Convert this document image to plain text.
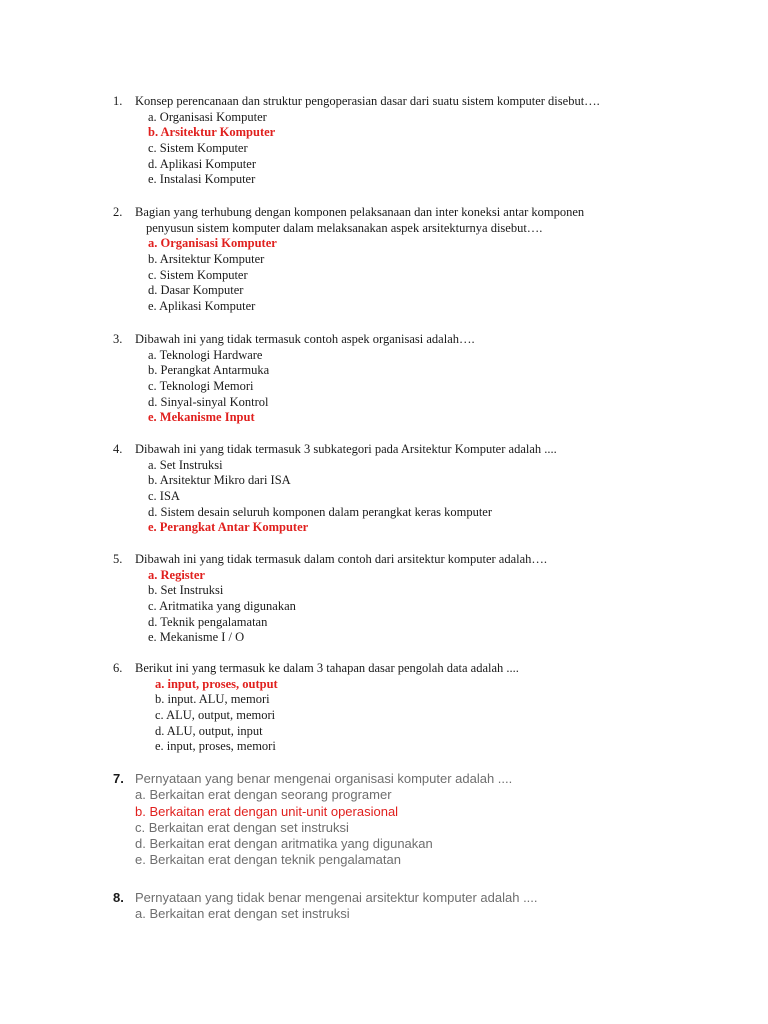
1. Konsep perencanaan dan struktur pengoperasian dasar dari suatu sistem komputer disebut….
a. Organisasi Komputer
b. Arsitektur Komputer
c. Sistem Komputer
d. Aplikasi Komputer
e. Instalasi Komputer
2. Bagian yang terhubung dengan komponen pelaksanaan dan inter koneksi antar komponen
penyusun sistem komputer dalam melaksanakan aspek arsitekturnya disebut….
a. Organisasi Komputer
b. Arsitektur Komputer
c. Sistem Komputer
d. Dasar Komputer
e. Aplikasi Komputer
3. Dibawah ini yang tidak termasuk contoh aspek organisasi adalah….
a. Teknologi Hardware
b. Perangkat Antarmuka
c. Teknologi Memori
d. Sinyal-sinyal Kontrol
e. Mekanisme Input
4. Dibawah ini yang tidak termasuk 3 subkategori pada Arsitektur Komputer adalah ....
a. Set Instruksi
b. Arsitektur Mikro dari ISA
c. ISA
d. Sistem desain seluruh komponen dalam perangkat keras komputer
e. Perangkat Antar Komputer
5. Dibawah ini yang tidak termasuk dalam contoh dari arsitektur komputer adalah….
a. Register
b. Set Instruksi
c. Aritmatika yang digunakan
d. Teknik pengalamatan
e. Mekanisme I / O
6. Berikut ini yang termasuk ke dalam 3 tahapan dasar pengolah data adalah ....
a. input, proses, output
b. input. ALU, memori
c. ALU, output, memori
d. ALU, output, input
e. input, proses, memori
7. Pernyataan yang benar mengenai organisasi komputer adalah ....
a. Berkaitan erat dengan seorang programer
b. Berkaitan erat dengan unit-unit operasional
c. Berkaitan erat dengan set instruksi
d. Berkaitan erat dengan aritmatika yang digunakan
e. Berkaitan erat dengan teknik pengalamatan
8. Pernyataan yang tidak benar mengenai arsitektur komputer adalah ....
a. Berkaitan erat dengan set instruksi
